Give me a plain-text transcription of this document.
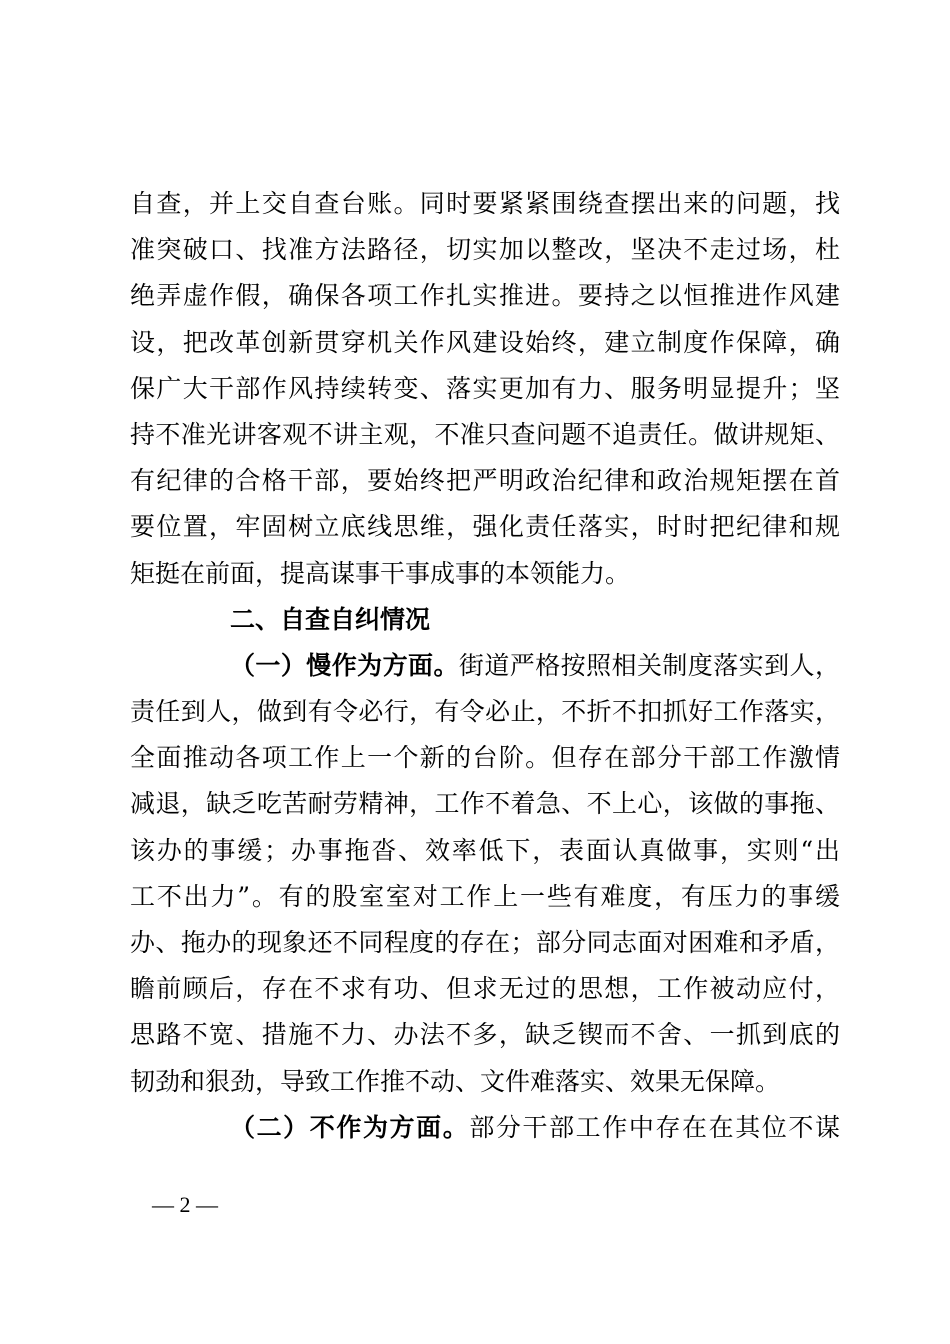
自查，并上交自查台账。同时要紧紧围绕查摆出来的问题，找
准突破口、找准方法路径，切实加以整改，坚决不走过场，杜
绝弄虚作假，确保各项工作扎实推进。要持之以恒推进作风建
设，把改革创新贯穿机关作风建设始终，建立制度作保障，确
保广大干部作风持续转变、落实更加有力、服务明显提升；坚
持不准光讲客观不讲主观，不准只查问题不追责任。做讲规矩、
有纪律的合格干部，要始终把严明政治纪律和政治规矩摆在首
要位置，牢固树立底线思维，强化责任落实，时时把纪律和规
矩挺在前面，提高谋事干事成事的本领能力。
二、自查自纠情况
（一）慢作为方面。街道严格按照相关制度落实到人，
责任到人，做到有令必行，有令必止，不折不扣抓好工作落实，
全面推动各项工作上一个新的台阶。但存在部分干部工作激情
减退，缺乏吃苦耐劳精神，工作不着急、不上心，该做的事拖、
该办的事缓；办事拖沓、效率低下，表面认真做事，实则“出
工不出力”。有的股室室对工作上一些有难度，有压力的事缓
办、拖办的现象还不同程度的存在；部分同志面对困难和矛盾，
瞻前顾后，存在不求有功、但求无过的思想，工作被动应付，
思路不宽、措施不力、办法不多，缺乏锲而不舍、一抓到底的
韧劲和狠劲，导致工作推不动、文件难落实、效果无保障。
（二）不作为方面。部分干部工作中存在在其位不谋
— 2 —
